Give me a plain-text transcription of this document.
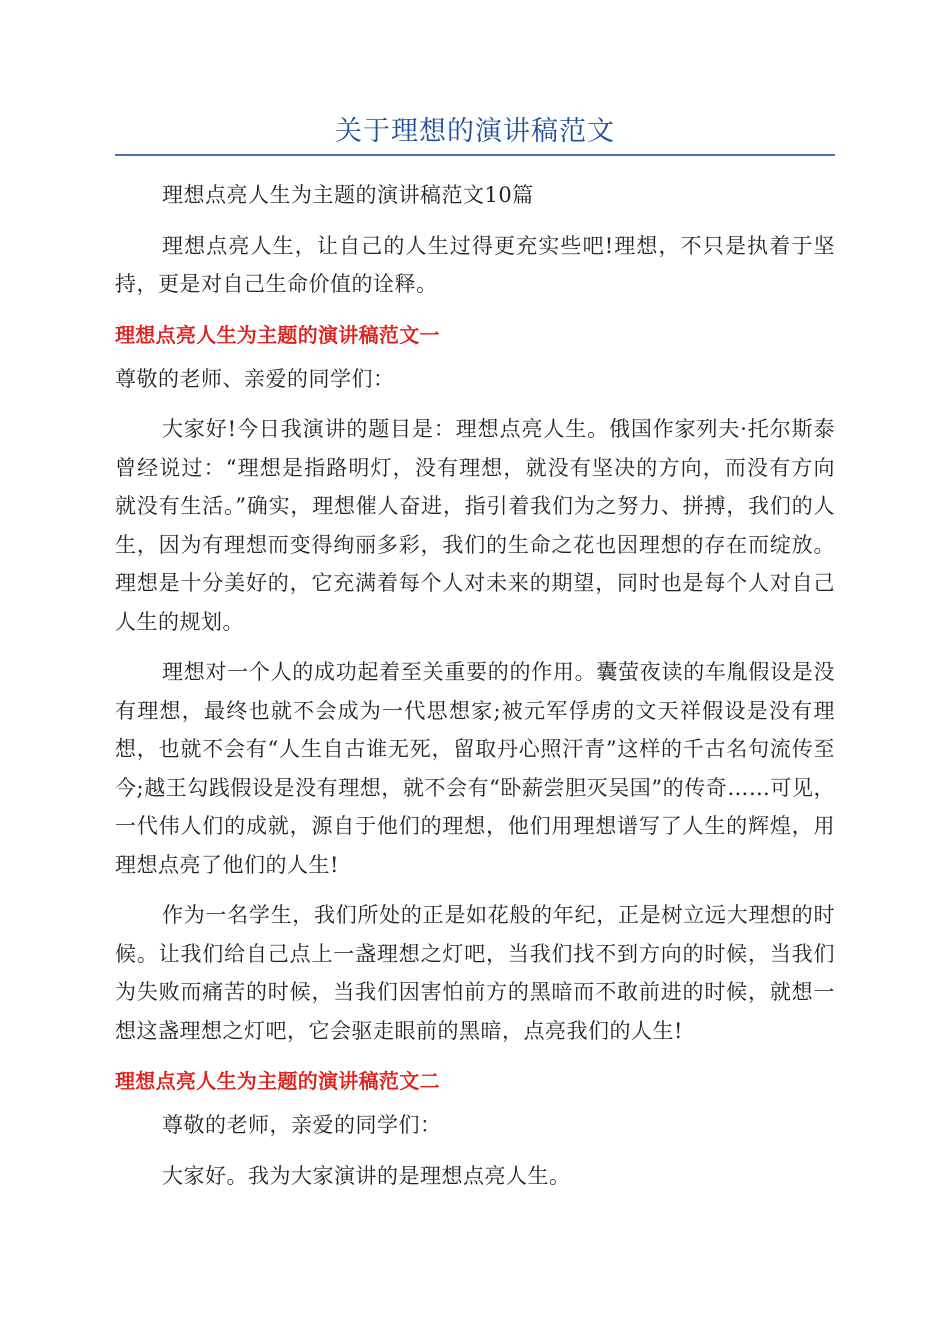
关于理想的演讲稿范文

理想点亮人生为主题的演讲稿范文10篇

理想点亮人生，让自己的人生过得更充实些吧!理想，不只是执着于坚持，更是对自己生命价值的诠释。

理想点亮人生为主题的演讲稿范文一

尊敬的老师、亲爱的同学们：

大家好!今日我演讲的题目是：理想点亮人生。俄国作家列夫·托尔斯泰曾经说过：“理想是指路明灯，没有理想，就没有坚决的方向，而没有方向就没有生活。”确实，理想催人奋进，指引着我们为之努力、拼搏，我们的人生，因为有理想而变得绚丽多彩，我们的生命之花也因理想的存在而绽放。理想是十分美好的，它充满着每个人对未来的期望，同时也是每个人对自己人生的规划。

理想对一个人的成功起着至关重要的的作用。囊萤夜读的车胤假设是没有理想，最终也就不会成为一代思想家;被元军俘虏的文天祥假设是没有理想，也就不会有“人生自古谁无死，留取丹心照汗青”这样的千古名句流传至今;越王勾践假设是没有理想，就不会有“卧薪尝胆灭吴国”的传奇……可见，一代伟人们的成就，源自于他们的理想，他们用理想谱写了人生的辉煌，用理想点亮了他们的人生!

作为一名学生，我们所处的正是如花般的年纪，正是树立远大理想的时候。让我们给自己点上一盏理想之灯吧，当我们找不到方向的时候，当我们为失败而痛苦的时候，当我们因害怕前方的黑暗而不敢前进的时候，就想一想这盏理想之灯吧，它会驱走眼前的黑暗，点亮我们的人生!

理想点亮人生为主题的演讲稿范文二

尊敬的老师，亲爱的同学们：

大家好。我为大家演讲的是理想点亮人生。
